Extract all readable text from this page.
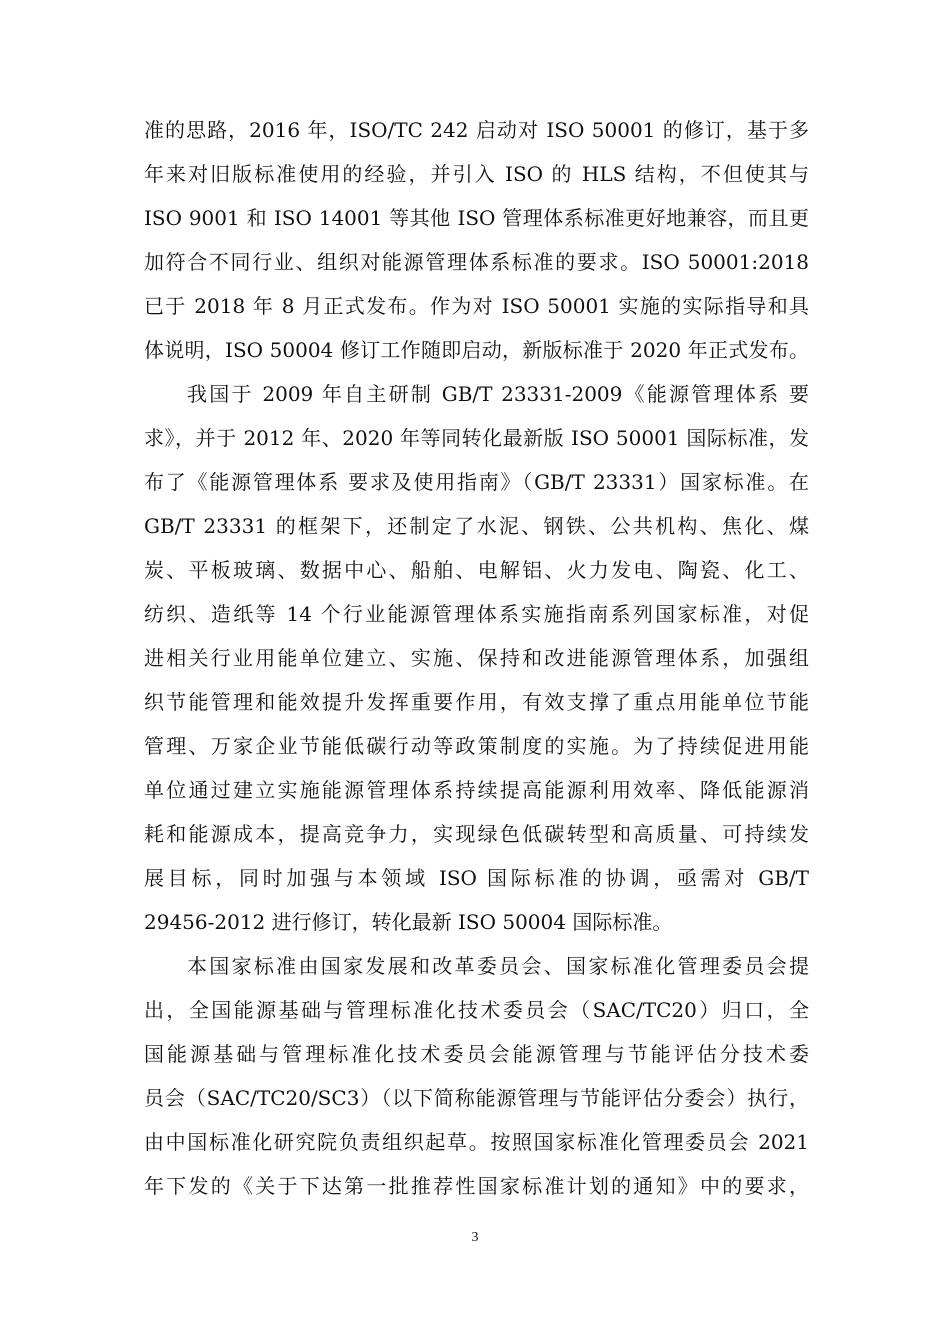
准的思路，2016 年，ISO/TC 242 启动对 ISO 50001 的修订，基于多
年来对旧版标准使用的经验，并引入 ISO 的 HLS 结构，不但使其与
ISO 9001 和 ISO 14001 等其他 ISO 管理体系标准更好地兼容，而且更
加符合不同行业、组织对能源管理体系标准的要求。ISO 50001:2018
已于 2018 年 8 月正式发布。作为对 ISO 50001 实施的实际指导和具
体说明，ISO 50004 修订工作随即启动，新版标准于 2020 年正式发布。
我国于 2009 年自主研制 GB/T 23331-2009《能源管理体系 要
求》，并于 2012 年、2020 年等同转化最新版 ISO 50001 国际标准，发
布了《能源管理体系 要求及使用指南》（GB/T 23331）国家标准。在
GB/T 23331 的框架下，还制定了水泥、钢铁、公共机构、焦化、煤
炭、平板玻璃、数据中心、船舶、电解铝、火力发电、陶瓷、化工、
纺织、造纸等 14 个行业能源管理体系实施指南系列国家标准，对促
进相关行业用能单位建立、实施、保持和改进能源管理体系，加强组
织节能管理和能效提升发挥重要作用，有效支撑了重点用能单位节能
管理、万家企业节能低碳行动等政策制度的实施。为了持续促进用能
单位通过建立实施能源管理体系持续提高能源利用效率、降低能源消
耗和能源成本，提高竞争力，实现绿色低碳转型和高质量、可持续发
展目标，同时加强与本领域 ISO 国际标准的协调，亟需对 GB/T
29456-2012 进行修订，转化最新 ISO 50004 国际标准。
本国家标准由国家发展和改革委员会、国家标准化管理委员会提
出，全国能源基础与管理标准化技术委员会（SAC/TC20）归口，全
国能源基础与管理标准化技术委员会能源管理与节能评估分技术委
员会（SAC/TC20/SC3）（以下简称能源管理与节能评估分委会）执行，
由中国标准化研究院负责组织起草。按照国家标准化管理委员会 2021
年下发的《关于下达第一批推荐性国家标准计划的通知》中的要求，
3
